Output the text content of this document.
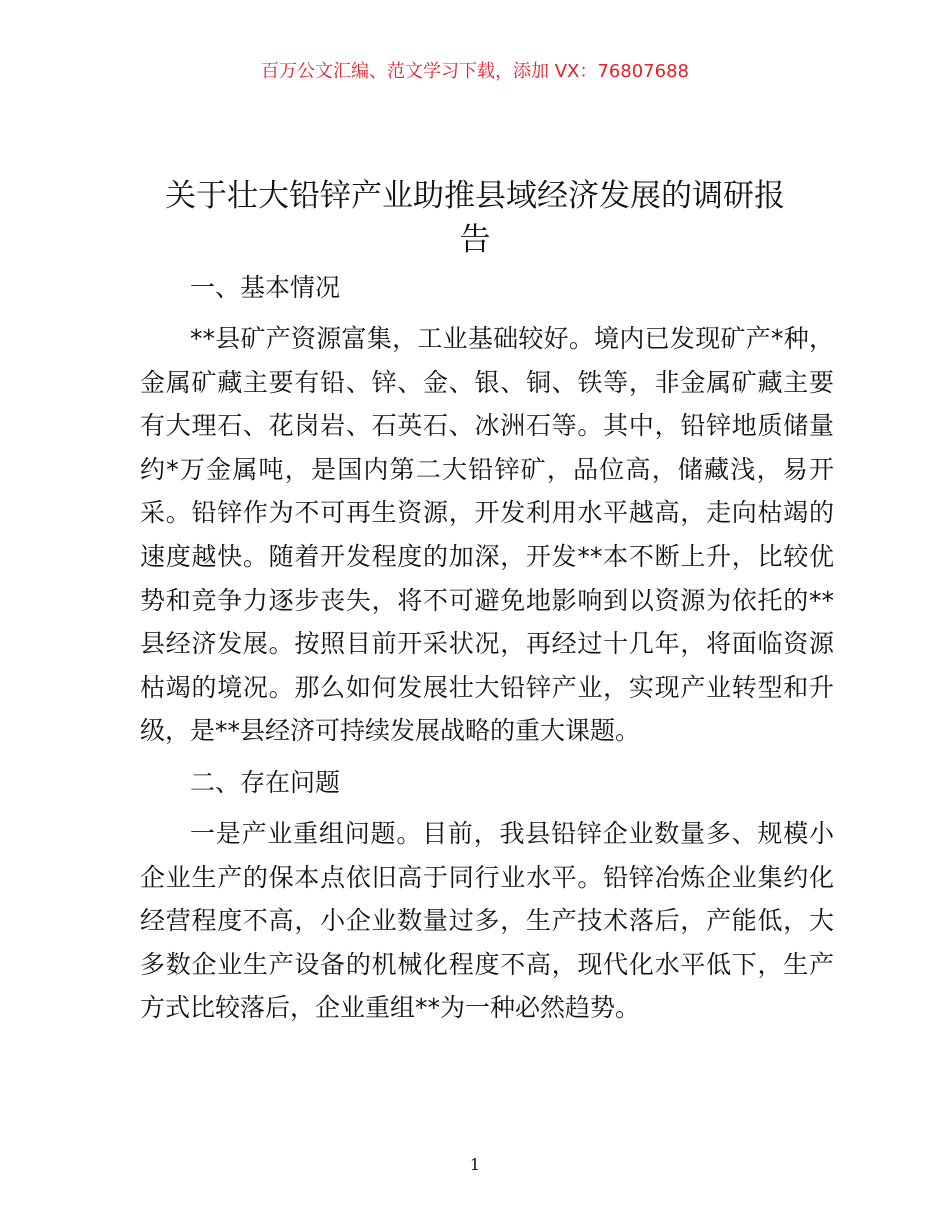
百万公文汇编、范文学习下载，添加 VX：76807688
关于壮大铅锌产业助推县域经济发展的调研报
告
一、基本情况
**县矿产资源富集，工业基础较好。境内已发现矿产*种，
金属矿藏主要有铅、锌、金、银、铜、铁等，非金属矿藏主要
有大理石、花岗岩、石英石、冰洲石等。其中，铅锌地质储量
约*万金属吨，是国内第二大铅锌矿，品位高，储藏浅，易开
采。铅锌作为不可再生资源，开发利用水平越高，走向枯竭的
速度越快。随着开发程度的加深，开发**本不断上升，比较优
势和竞争力逐步丧失，将不可避免地影响到以资源为依托的**
县经济发展。按照目前开采状况，再经过十几年，将面临资源
枯竭的境况。那么如何发展壮大铅锌产业，实现产业转型和升
级，是**县经济可持续发展战略的重大课题。
二、存在问题
一是产业重组问题。目前，我县铅锌企业数量多、规模小
企业生产的保本点依旧高于同行业水平。铅锌冶炼企业集约化
经营程度不高，小企业数量过多，生产技术落后，产能低，大
多数企业生产设备的机械化程度不高，现代化水平低下，生产
方式比较落后，企业重组**为一种必然趋势。
1
